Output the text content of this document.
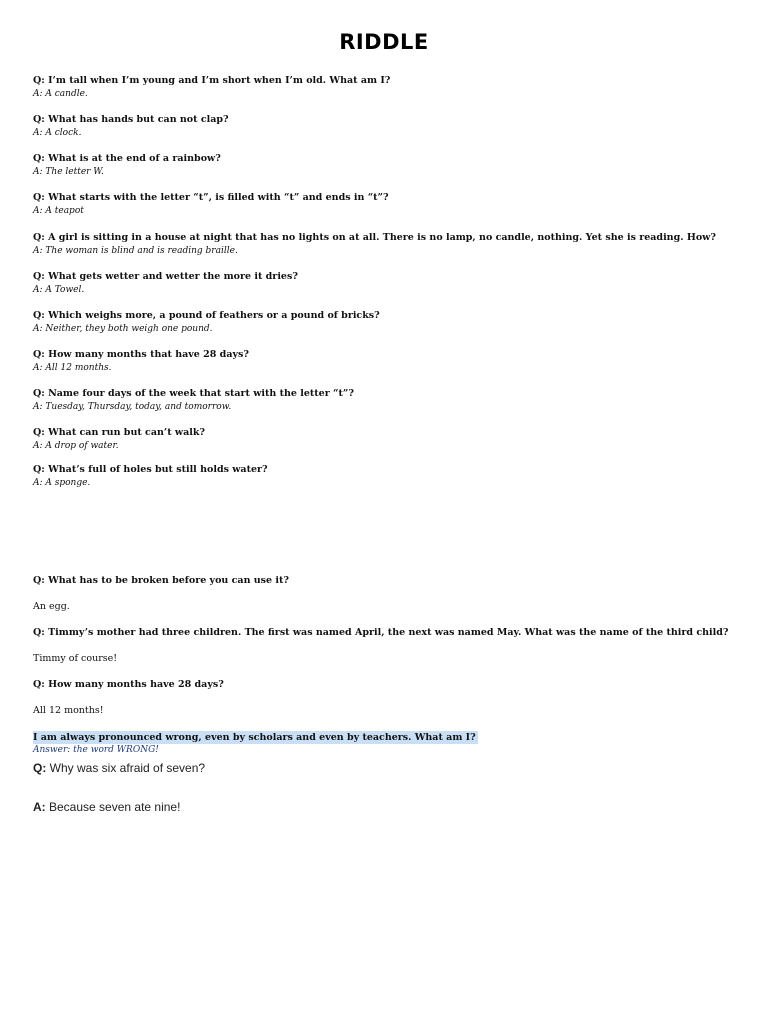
RIDDLE
Q: I’m tall when I’m young and I’m short when I’m old. What am I?
A: A candle.
Q: What has hands but can not clap?
A: A clock.
Q: What is at the end of a rainbow?
A: The letter W.
Q: What starts with the letter “t”, is filled with “t” and ends in “t”?
A: A teapot
Q: A girl is sitting in a house at night that has no lights on at all. There is no lamp, no candle, nothing. Yet she is reading. How?
A: The woman is blind and is reading braille.
Q: What gets wetter and wetter the more it dries?
A: A Towel.
Q: Which weighs more, a pound of feathers or a pound of bricks?
A: Neither, they both weigh one pound.
Q: How many months that have 28 days?
A: All 12 months.
Q: Name four days of the week that start with the letter “t”?
A: Tuesday, Thursday, today, and tomorrow.
Q: What can run but can’t walk?
A: A drop of water.
Q: What’s full of holes but still holds water?
A: A sponge.
Q: What has to be broken before you can use it?
An egg.
Q: Timmy’s mother had three children. The first was named April, the next was named May. What was the name of the third child?
Timmy of course!
Q: How many months have 28 days?
All 12 months!
I am always pronounced wrong, even by scholars and even by teachers. What am I?
Answer: the word WRONG!
Q: Why was six afraid of seven?
A: Because seven ate nine!
